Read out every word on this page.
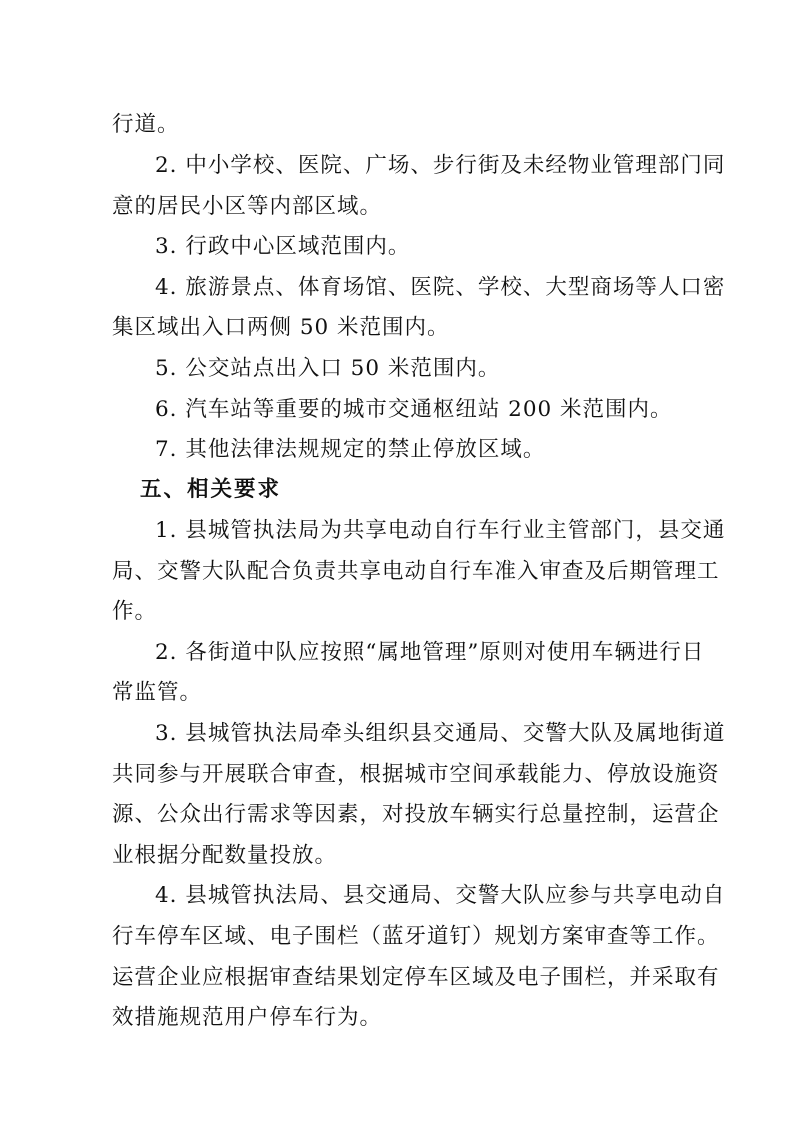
行道。
2. 中小学校、医院、广场、步行街及未经物业管理部门同
意的居民小区等内部区域。
3. 行政中心区域范围内。
4. 旅游景点、体育场馆、医院、学校、大型商场等人口密
集区域出入口两侧 50 米范围内。
5. 公交站点出入口 50 米范围内。
6. 汽车站等重要的城市交通枢纽站 200 米范围内。
7. 其他法律法规规定的禁止停放区域。
五、相关要求
1. 县城管执法局为共享电动自行车行业主管部门，县交通
局、交警大队配合负责共享电动自行车准入审查及后期管理工
作。
2. 各街道中队应按照“属地管理”原则对使用车辆进行日
常监管。
3. 县城管执法局牵头组织县交通局、交警大队及属地街道
共同参与开展联合审查，根据城市空间承载能力、停放设施资
源、公众出行需求等因素，对投放车辆实行总量控制，运营企
业根据分配数量投放。
4. 县城管执法局、县交通局、交警大队应参与共享电动自
行车停车区域、电子围栏（蓝牙道钉）规划方案审查等工作。
运营企业应根据审查结果划定停车区域及电子围栏，并采取有
效措施规范用户停车行为。
